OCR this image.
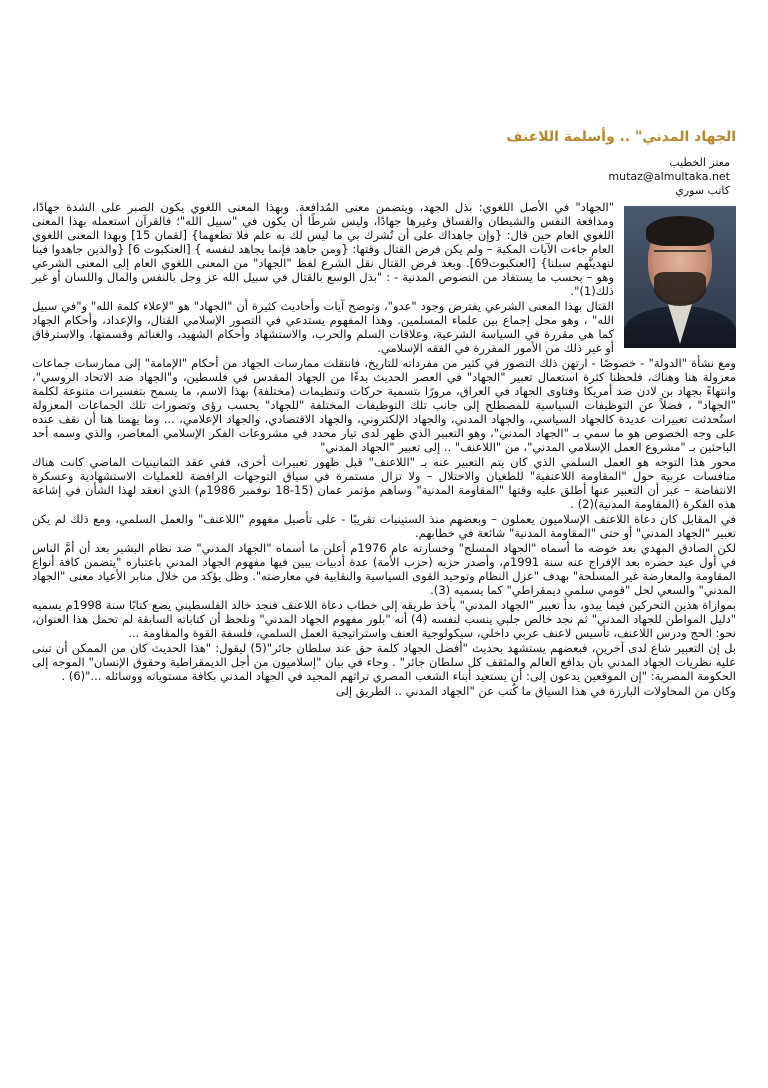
الجهاد المدني" .. وأسلمة اللاعنف

معتز الخطيب

mutaz@almultaka.net

كاتب سوري

"الجهاد" في الأصل اللغوي: بذل الجهد، ويتضمن معنى المُدافعة. وبهذا المعنى اللغوي يكون الصبر على الشدة جهادًا، ومدافعة النفس والشيطان والفساق وغيرها جهادًا، وليس شرطًا أن يكون في "سبيل الله"؛ فالقرآن استعمله بهذا المعنى اللغوي العام حين قال: {وإن جاهداك على أن تُشرك بي ما ليس لك به علم فلا تطعهما} [لقمان 15] وبهذا المعنى اللغوي العام جاءت الآيات المكية – ولم يكن فرض القتال وقتها: {ومن جاهد فإنما يجاهد لنفسه } [العنكبوت 6] {والذين جاهدوا فينا لنهدينَّهم سبلنا} [العنكبوت69]. وبعد فرض القتال نقل الشرع لفظ "الجهاد" من المعنى اللغوي العام إلى المعنى الشرعي وهو – بحسب ما يستفاد من النصوص المدنية - : "بذل الوسع بالقتال في سبيل الله عز وجل بالنفس والمال واللسان أو غير ذلك(1)".

القتال بهذا المعنى الشرعي يفترض وجود "عدو"، وتوضح آيات وأحاديث كثيرة أن "الجهاد" هو "لإعلاء كلمة الله" و"في سبيل الله" ، وهو محل إجماع بين علماء المسلمين. وهذا المفهوم يستدعي في التصور الإسلامي القتال، والإعداد، وأحكام الجهاد كما هي مقررة في السياسة الشرعية، وعلاقات السلم والحرب، والاستشهاد وأحكام الشهيد، والغنائم وقسمتها، والاسترقاق أو غير ذلك من الأمور المقررة في الفقه الإسلامي.

ومع نشأة "الدولة" - خصوصًا - ارتهن ذلك التصور في كثير من مفرداته للتاريخ، فانتقلت ممارسات الجهاد من أحكام "الإمامة" إلى ممارسات جماعات معزولة هنا وهناك، فلحظنا كثرة استعمال تعبير "الجهاد" في العصر الحديث بدءًا من الجهاد المقدس في فلسطين، و"الجهاد ضد الاتحاد الروسي"، وانتهاءً بجهاد بن لادن ضد أمريكا وفتاوى الجهاد في العراق، مرورًا بتسمية حركات وتنظيمات (مختلفة) بهذا الاسم، ما يسمح بتفسيرات متنوعة لكلمة "الجهاد" ، فضلاً عن التوظيفات السياسية للمصطلح إلى جانب تلك التوظيفات المختلفة "للجهاد" بحسب رؤى وتصورات تلك الجماعات المعزولة استُحدثت تعبيرات عديدة كالجهاد السياسي، والجهاد المدني، والجهاد الإلكتروني، والجهاد الاقتصادي، والجهاد الإعلامي، ... وما يهمنا هنا أن نقف عنده على وجه الخصوص هو ما سمي بـ "الجهاد المدني"، وهو التعبير الذي ظهر لدى تيار محدد في مشروعات الفكر الإسلامي المعاصر، والذي وسمه أحد الباحثين بـ "مشروع العمل الإسلامي المدني"، من "اللاعنف" .. إلى تعبير "الجهاد المدني"

محور هذا التوجه هو العمل السلمي الذي كان يتم التعبير عنه بـ "اللاعنف" قبل ظهور تعبيرات أخرى، ففي عقد الثمانينيات الماضي كانت هناك منافسات عربية حول "المقاومة اللاعنفية" للطغيان والاحتلال – ولا تزال مستمرة في سياق التوجهات الرافضة للعمليات الاستشهادية وعسكرة الانتفاضة – عبر أن التعبير عنها أطلق عليه وقتها "المقاومة المدنية" وساهم مؤتمر عمان (15-18 نوفمبر 1986م) الذي انعقد لهذا الشأن في إشاعة هذه الفكرة (المقاومة المدنية)(2) .

في المقابل كان دعاة اللاعنف الإسلاميون يعملون – وبعضهم منذ الستينيات تقريبًا - على تأصيل مفهوم "اللاعنف" والعمل السلمي، ومع ذلك لم يكن تعبير "الجهاد المدني" أو حتى "المقاومة المدنية" شائعة في خطابهم.

لكن الصادق المهدي بعد خوضه ما أسماه "الجهاد المسلح" وخسارته عام 1976م أعلن ما أسماه "الجهاد المدني" ضد نظام البشير بعد أن أمَّ الناس في أول عيد حضره بعد الإفراج عنه سنة 1991م، وأصدر حزبه (حزب الأمة) عدة أدبيات يبين فيها مفهوم الجهاد المدني باعتباره "يتضمن كافة أنواع المقاومة والمعارضة غير المسلحة" بهدف "عزل النظام وتوحيد القوى السياسية والنقابية في معارضته". وظل يؤكد من خلال منابر الأعياد معنى "الجهاد المدني" والسعي لحل "قومي سلمي ديمقراطي" كما يسميه (3).

بموازاة هذين التحركين فيما يبدو، بدأ تعبير "الجهاد المدني" يأخذ طريقه إلى خطاب دعاة اللاعنف فنجد خالد الفلسطيني يضع كتابًا سنة 1998م يسميه "دليل المواطن للجهاد المدني" ثم نجد خالص جلبي ينسب لنفسه (4) أنه "بلور مفهوم الجهاد المدني" ونلحظ أن كتاباته السابقة لم تحمل هذا العنوان، نحو: الحج ودرس اللاعنف، تأسيس لاعنف عربي داخلي، سيكولوجية العنف واستراتيجية العمل السلمي، فلسفة القوة والمقاومة ...

بل إن التعبير شاع لدى آخرين، فبعضهم يستشهد بحديث "أفضل الجهاد كلمة حق عند سلطان جائر"(5) ليقول: "هذا الحديث كان من الممكن أن تبنى عليه نظريات الجهاد المدني بأن يدافع العالم والمثقف كل سلطان جائر" . وجاء في بيان "إسلاميون من أجل الديمقراطية وحقوق الإنسان" الموجه إلى الحكومة المصرية: "إن الموقعين يدعون إلى: أن يستعيد أبناء الشعب المصري تراثهم المجيد في الجهاد المدني بكافة مستوياته ووسائله ..."(6) .

وكان من المحاولات البارزة في هذا السياق ما كُتب عن "الجهاد المدني .. الطريق إلى
